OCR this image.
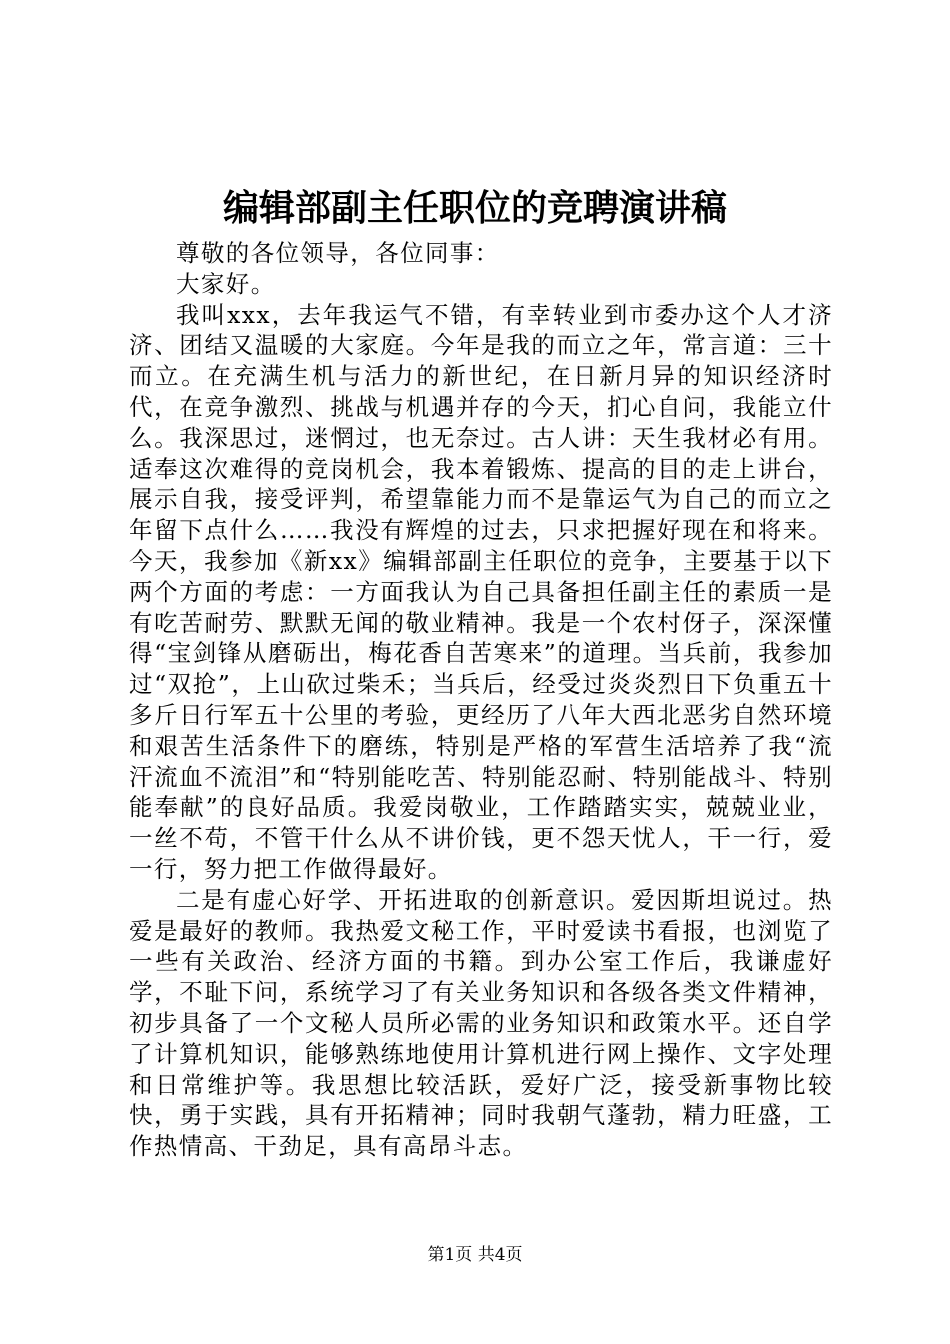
编辑部副主任职位的竞聘演讲稿

尊敬的各位领导，各位同事：

大家好。

我叫xxx，去年我运气不错，有幸转业到市委办这个人才济济、团结又温暖的大家庭。今年是我的而立之年，常言道：三十而立。在充满生机与活力的新世纪，在日新月异的知识经济时代，在竞争激烈、挑战与机遇并存的今天，扪心自问，我能立什么。我深思过，迷惘过，也无奈过。古人讲：天生我材必有用。适奉这次难得的竞岗机会，我本着锻炼、提高的目的走上讲台，展示自我，接受评判，希望靠能力而不是靠运气为自己的而立之年留下点什么……我没有辉煌的过去，只求把握好现在和将来。今天，我参加《新xx》编辑部副主任职位的竞争，主要基于以下两个方面的考虑：一方面我认为自己具备担任副主任的素质一是有吃苦耐劳、默默无闻的敬业精神。我是一个农村伢子，深深懂得“宝剑锋从磨砺出，梅花香自苦寒来”的道理。当兵前，我参加过“双抢”，上山砍过柴禾；当兵后，经受过炎炎烈日下负重五十多斤日行军五十公里的考验，更经历了八年大西北恶劣自然环境和艰苦生活条件下的磨练，特别是严格的军营生活培养了我“流汗流血不流泪”和“特别能吃苦、特别能忍耐、特别能战斗、特别能奉献”的良好品质。我爱岗敬业，工作踏踏实实，兢兢业业，一丝不苟，不管干什么从不讲价钱，更不怨天忧人，干一行，爱一行，努力把工作做得最好。

二是有虚心好学、开拓进取的创新意识。爱因斯坦说过。热爱是最好的教师。我热爱文秘工作，平时爱读书看报，也浏览了一些有关政治、经济方面的书籍。到办公室工作后，我谦虚好学，不耻下问，系统学习了有关业务知识和各级各类文件精神，初步具备了一个文秘人员所必需的业务知识和政策水平。还自学了计算机知识，能够熟练地使用计算机进行网上操作、文字处理和日常维护等。我思想比较活跃，爱好广泛，接受新事物比较快，勇于实践，具有开拓精神；同时我朝气蓬勃，精力旺盛，工作热情高、干劲足，具有高昂斗志。

第1页 共4页
